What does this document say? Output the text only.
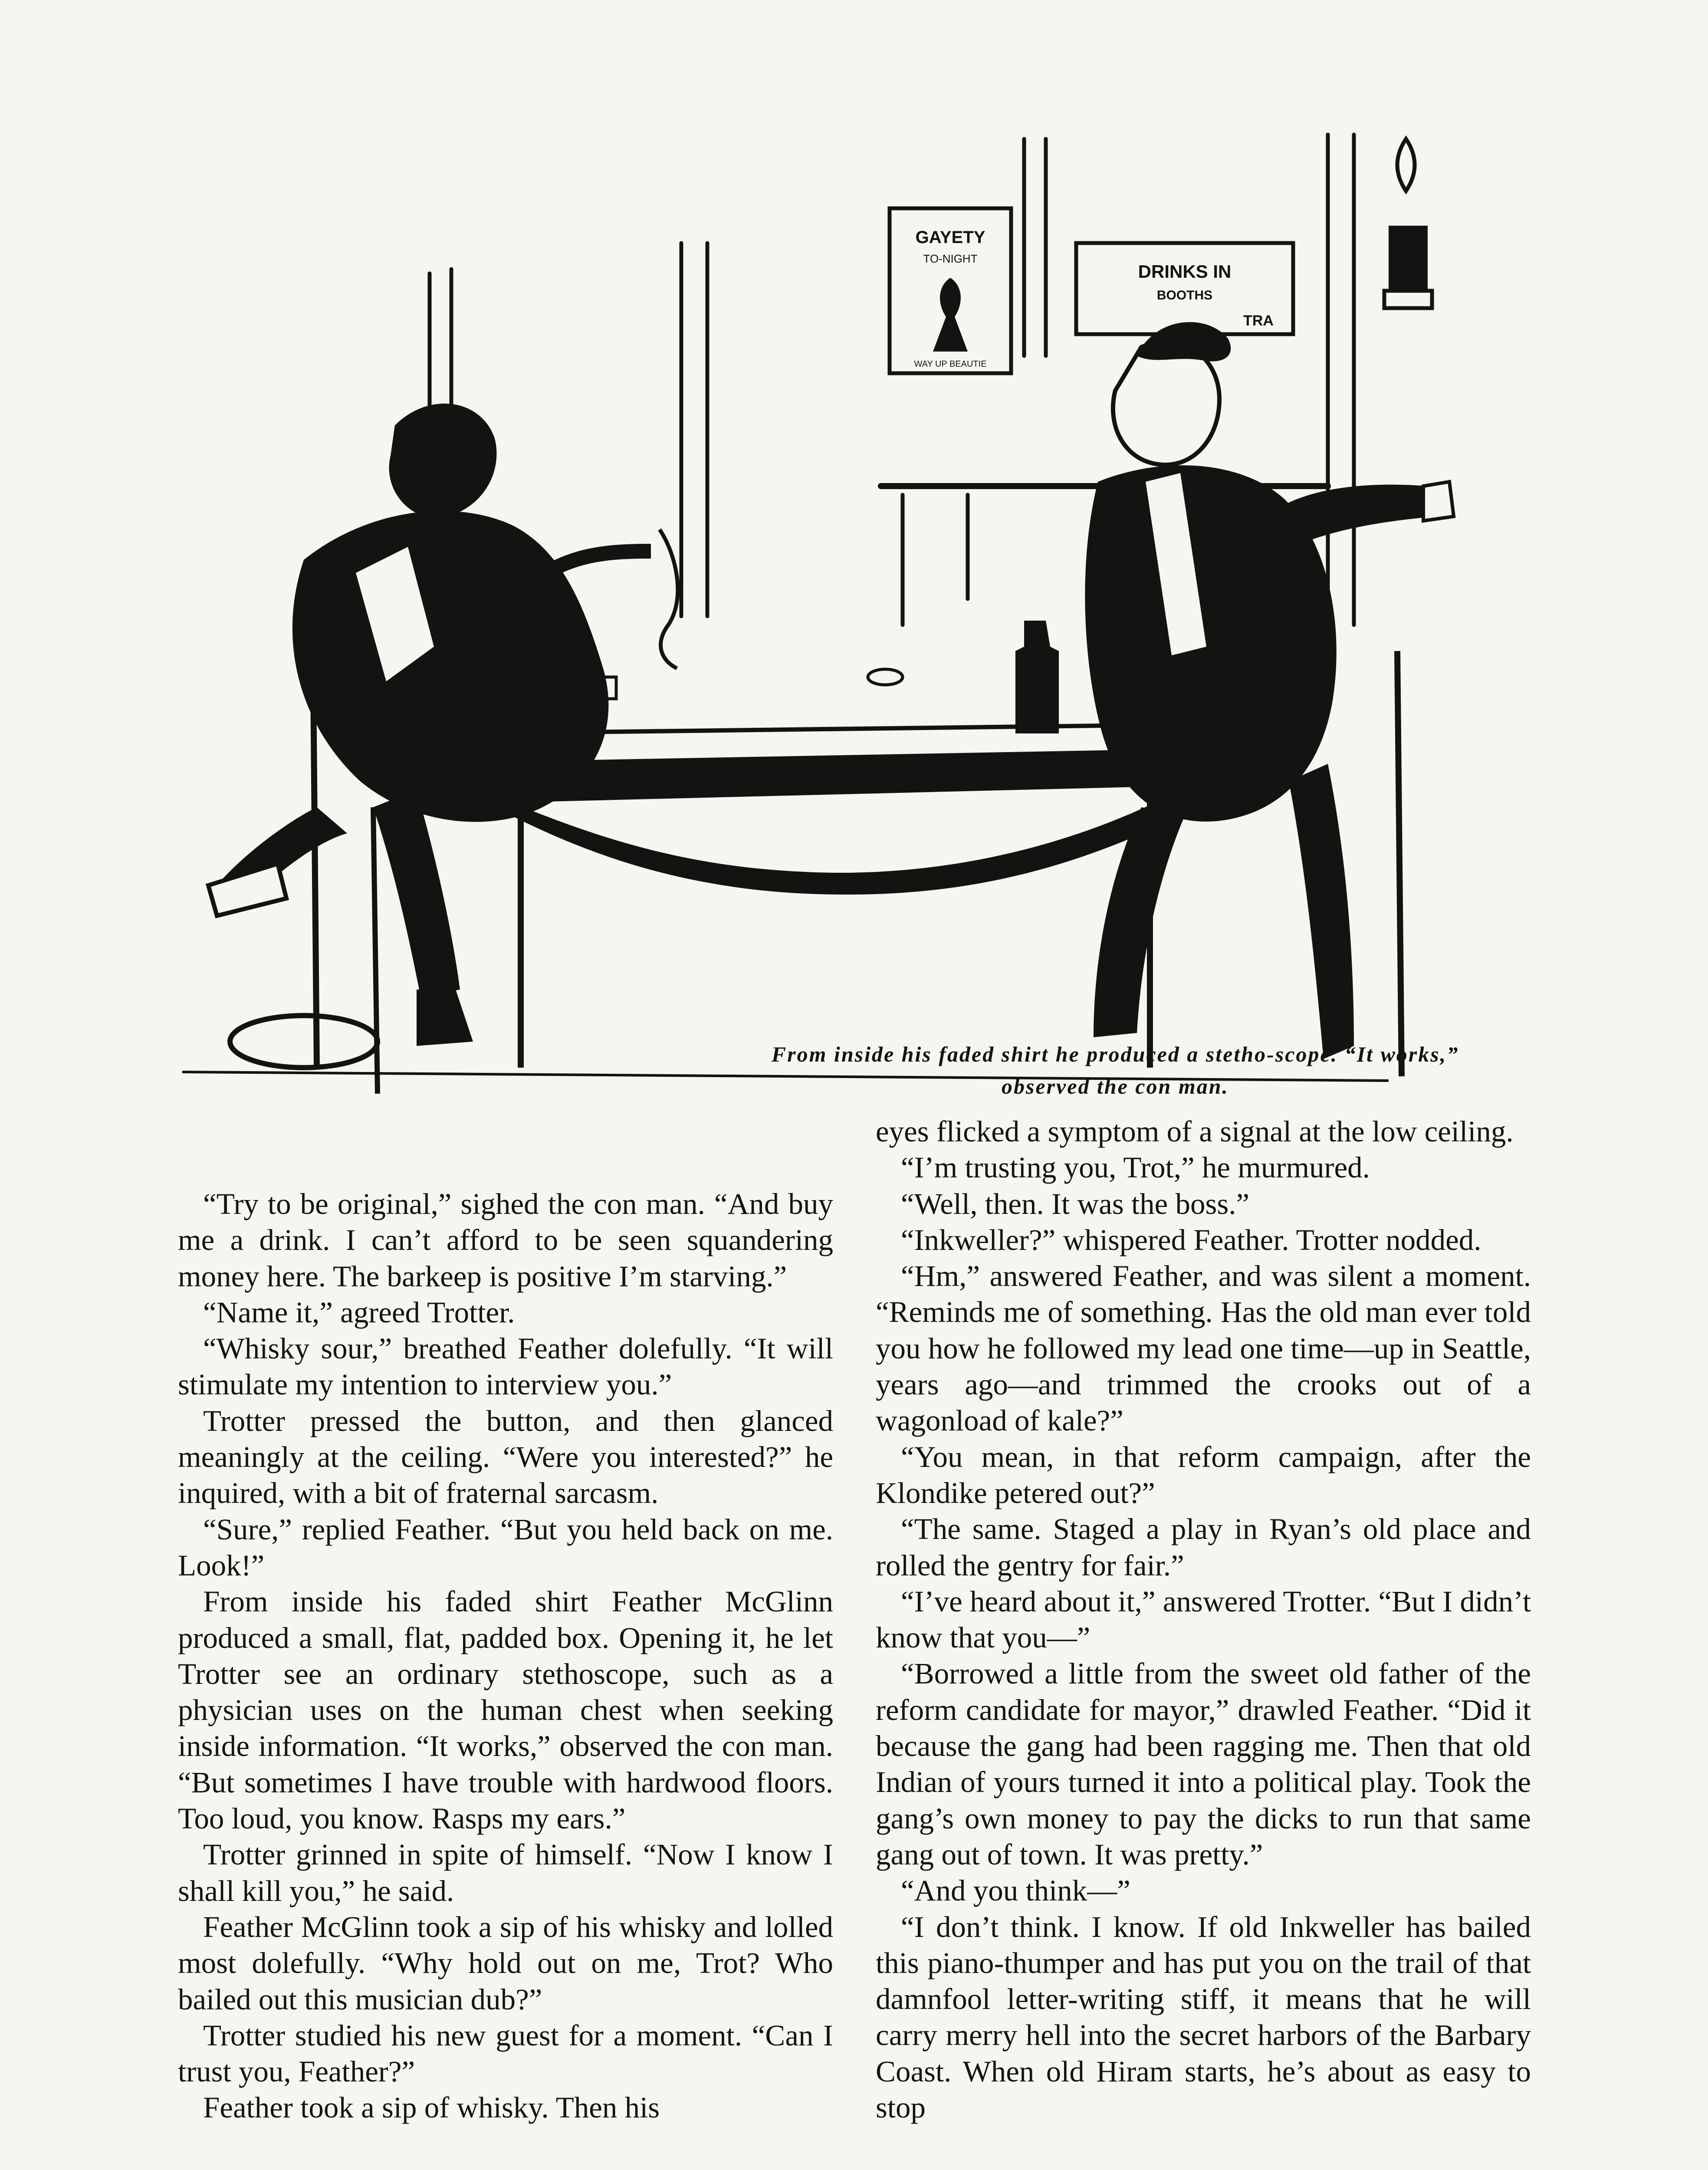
GAYETY
TO-NIGHT
WAY UP BEAUTIE
DRINKS IN
BOOTHS
TRA
From inside his faded shirt he produced a stetho-scope. “It works,” observed the con man.

“Try to be original,” sighed the con man. “And buy me a drink. I can’t afford to be seen squandering money here. The barkeep is positive I’m starving.”

“Name it,” agreed Trotter.

“Whisky sour,” breathed Feather dolefully. “It will stimulate my intention to interview you.”

Trotter pressed the button, and then glanced meaningly at the ceiling. “Were you interested?” he inquired, with a bit of fraternal sarcasm.

“Sure,” replied Feather. “But you held back on me. Look!”

From inside his faded shirt Feather McGlinn produced a small, flat, padded box. Opening it, he let Trotter see an ordinary stethoscope, such as a physician uses on the human chest when seeking inside information. “It works,” observed the con man. “But sometimes I have trouble with hardwood floors. Too loud, you know. Rasps my ears.”

Trotter grinned in spite of himself. “Now I know I shall kill you,” he said.

Feather McGlinn took a sip of his whisky and lolled most dolefully. “Why hold out on me, Trot? Who bailed out this musician dub?”

Trotter studied his new guest for a moment. “Can I trust you, Feather?”

Feather took a sip of whisky. Then his

eyes flicked a symptom of a signal at the low ceiling.

“I’m trusting you, Trot,” he murmured.

“Well, then. It was the boss.”

“Inkweller?” whispered Feather. Trotter nodded.

“Hm,” answered Feather, and was silent a moment. “Reminds me of something. Has the old man ever told you how he followed my lead one time—up in Seattle, years ago—and trimmed the crooks out of a wagonload of kale?”

“You mean, in that reform campaign, after the Klondike petered out?”

“The same. Staged a play in Ryan’s old place and rolled the gentry for fair.”

“I’ve heard about it,” answered Trotter. “But I didn’t know that you—”

“Borrowed a little from the sweet old father of the reform candidate for mayor,” drawled Feather. “Did it because the gang had been ragging me. Then that old Indian of yours turned it into a political play. Took the gang’s own money to pay the dicks to run that same gang out of town. It was pretty.”

“And you think—”

“I don’t think. I know. If old Inkweller has bailed this piano-thumper and has put you on the trail of that damnfool letter-writing stiff, it means that he will carry merry hell into the secret harbors of the Barbary Coast. When old Hiram starts, he’s about as easy to stop
